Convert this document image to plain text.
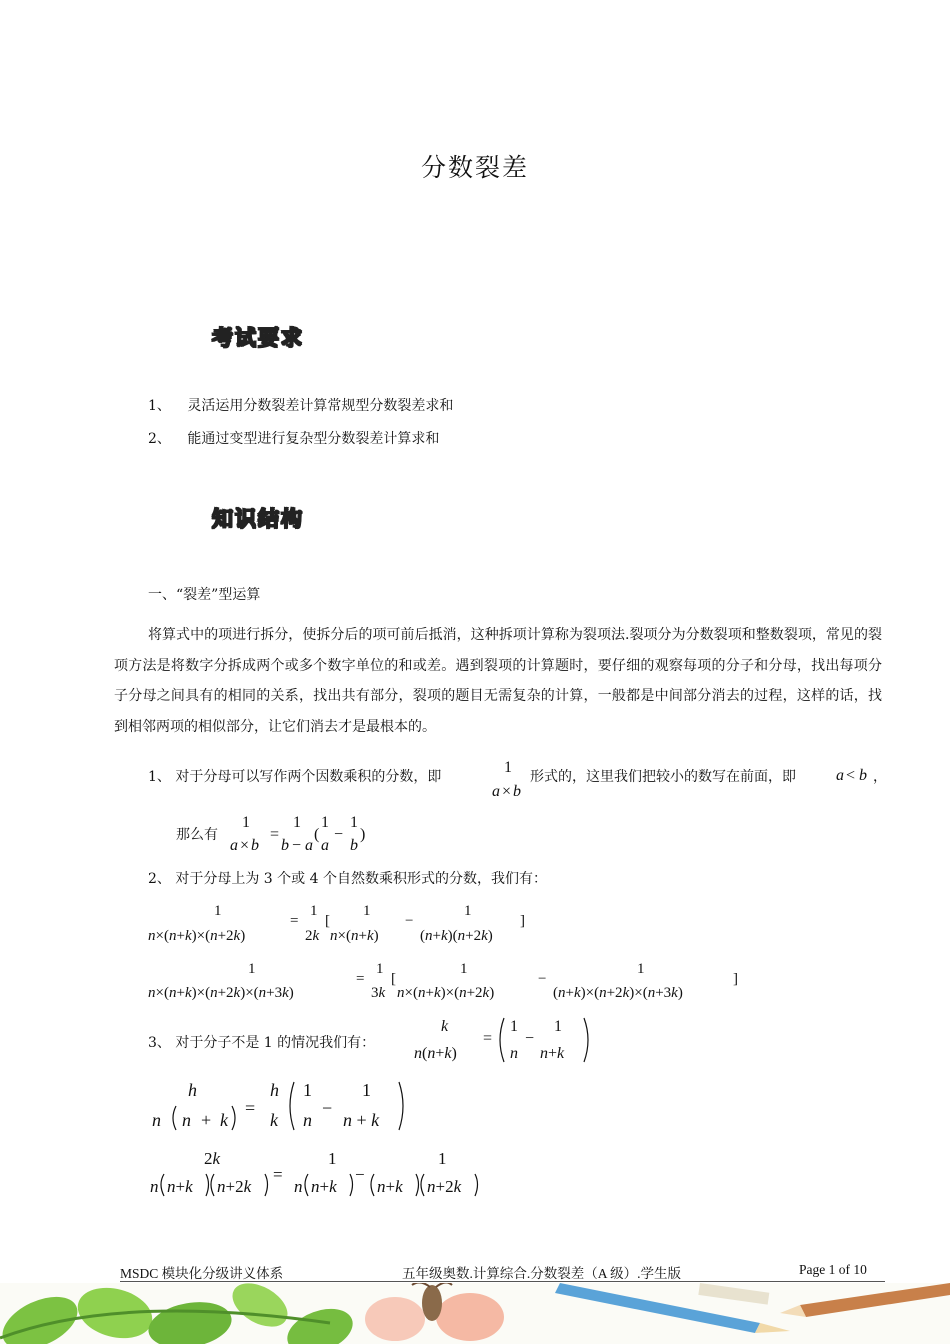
分数裂差
考试要求
1、 灵活运用分数裂差计算常规型分数裂差求和
2、 能通过变型进行复杂型分数裂差计算求和
知识结构
一、“裂差”型运算
将算式中的项进行拆分，使拆分后的项可前后抵消，这种拆项计算称为裂项法.裂项分为分数裂项和整数裂项，常见的裂项方法是将数字分拆成两个或多个数字单位的和或差。遇到裂项的计算题时，要仔细的观察每项的分子和分母，找出每项分子分母之间具有的相同的关系，找出共有部分，裂项的题目无需复杂的计算，一般都是中间部分消去的过程，这样的话，找到相邻两项的相似部分，让它们消去才是最根本的。
1、 对于分母可以写作两个因数乘积的分数，即
1
a × b
形式的，这里我们把较小的数写在前面，即	a < b ，
那么有
1
a × b
=
1
b − a
(
1
a
−
1
b
)
2、 对于分母上为 3 个或 4 个自然数乘积形式的分数，我们有：
1
n×(n+k)×(n+2k)
=
1
2k
[
1
n×(n+k)
−
1
(n+k)(n+2k)
]
1
n×(n+k)×(n+2k)×(n+3k)
=
1
3k
[
1
n×(n+k)×(n+2k)
−
1
(n+k)×(n+2k)×(n+3k)
]
3、 对于分子不是 1 的情况我们有：
k
n(n+k)
=
1
n
−
1
n+k
h
n n + k
=
h
k
1
n
−
1
n + k
2k
n n+k n+2k
=
1
n n+k
−
1
n+k n+2k
MSDC 模块化分级讲义体系	五年级奥数.计算综合.分数裂差（A 级）.学生版	Page 1 of 10
